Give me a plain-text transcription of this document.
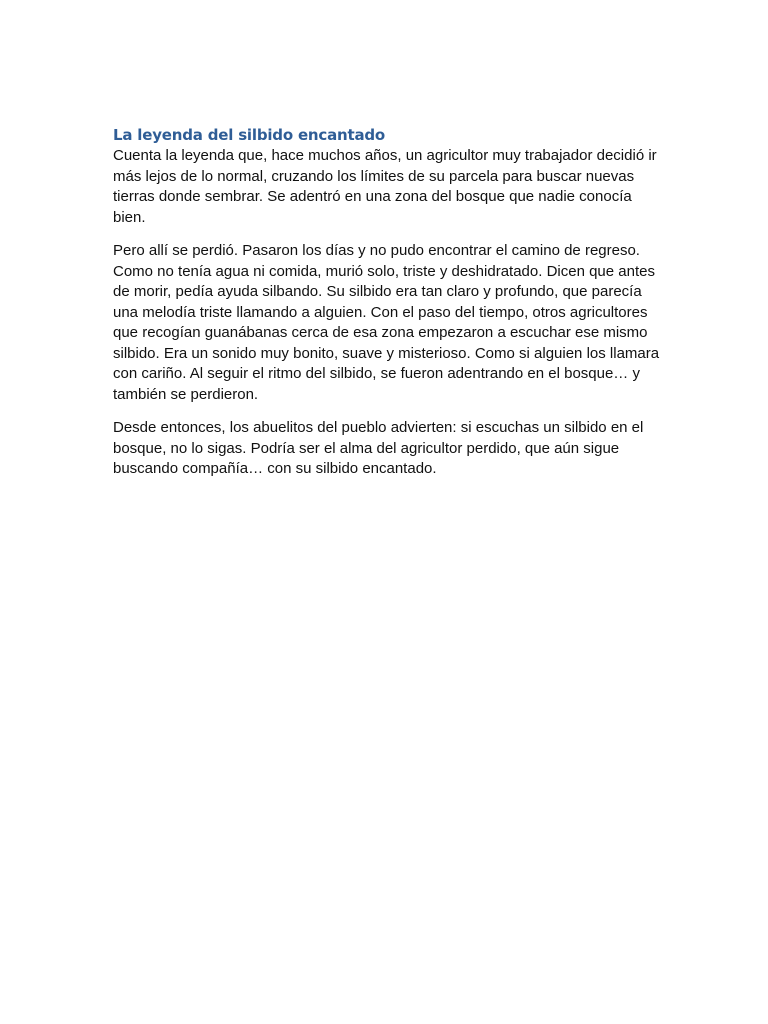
La leyenda del silbido encantado

Cuenta la leyenda que, hace muchos años, un agricultor muy trabajador decidió ir más lejos de lo normal, cruzando los límites de su parcela para buscar nuevas tierras donde sembrar. Se adentró en una zona del bosque que nadie conocía bien.

Pero allí se perdió. Pasaron los días y no pudo encontrar el camino de regreso. Como no tenía agua ni comida, murió solo, triste y deshidratado. Dicen que antes de morir, pedía ayuda silbando. Su silbido era tan claro y profundo, que parecía una melodía triste llamando a alguien. Con el paso del tiempo, otros agricultores que recogían guanábanas cerca de esa zona empezaron a escuchar ese mismo silbido. Era un sonido muy bonito, suave y misterioso. Como si alguien los llamara con cariño. Al seguir el ritmo del silbido, se fueron adentrando en el bosque… y también se perdieron.

Desde entonces, los abuelitos del pueblo advierten: si escuchas un silbido en el bosque, no lo sigas. Podría ser el alma del agricultor perdido, que aún sigue buscando compañía… con su silbido encantado.
